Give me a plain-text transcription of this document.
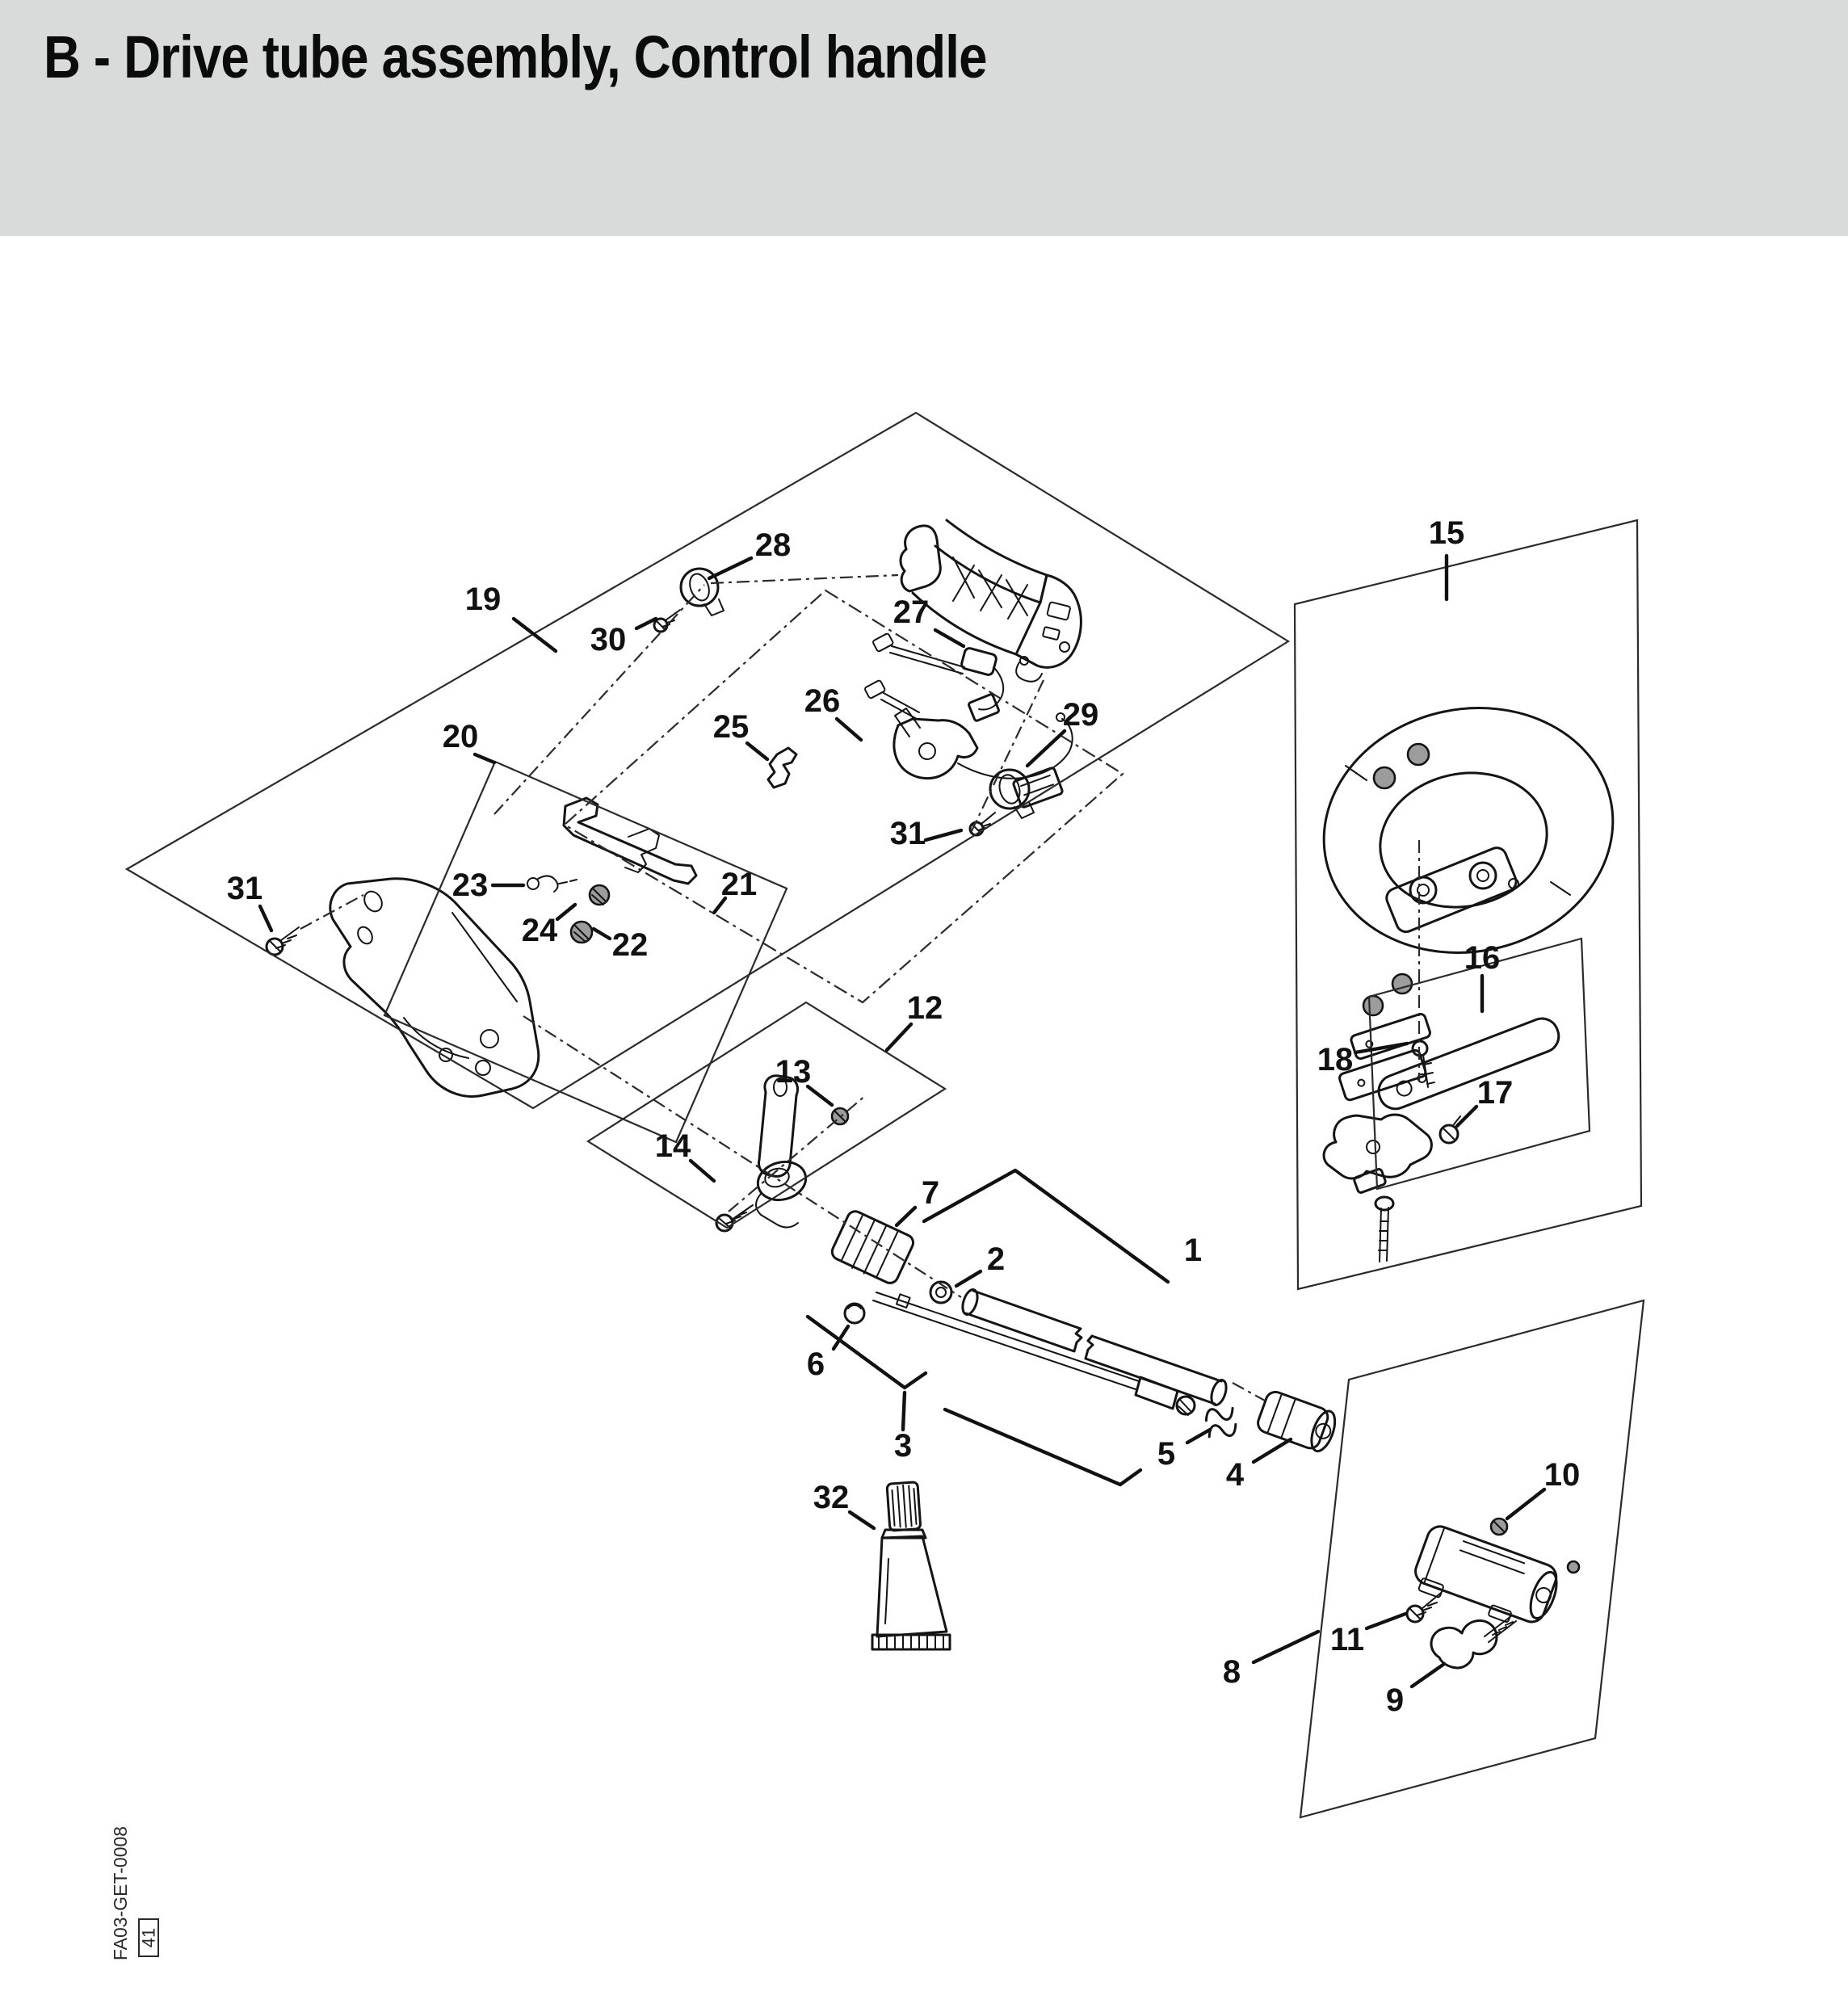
B - Drive tube assembly, Control handle
1
2
3
4
5
6
7
8
9
10
11
12
13
14
15
16
17
18
19
20
21
22
23
24
25
26
27
28
29
30
31
31
32
FA03-GET-0008 41
